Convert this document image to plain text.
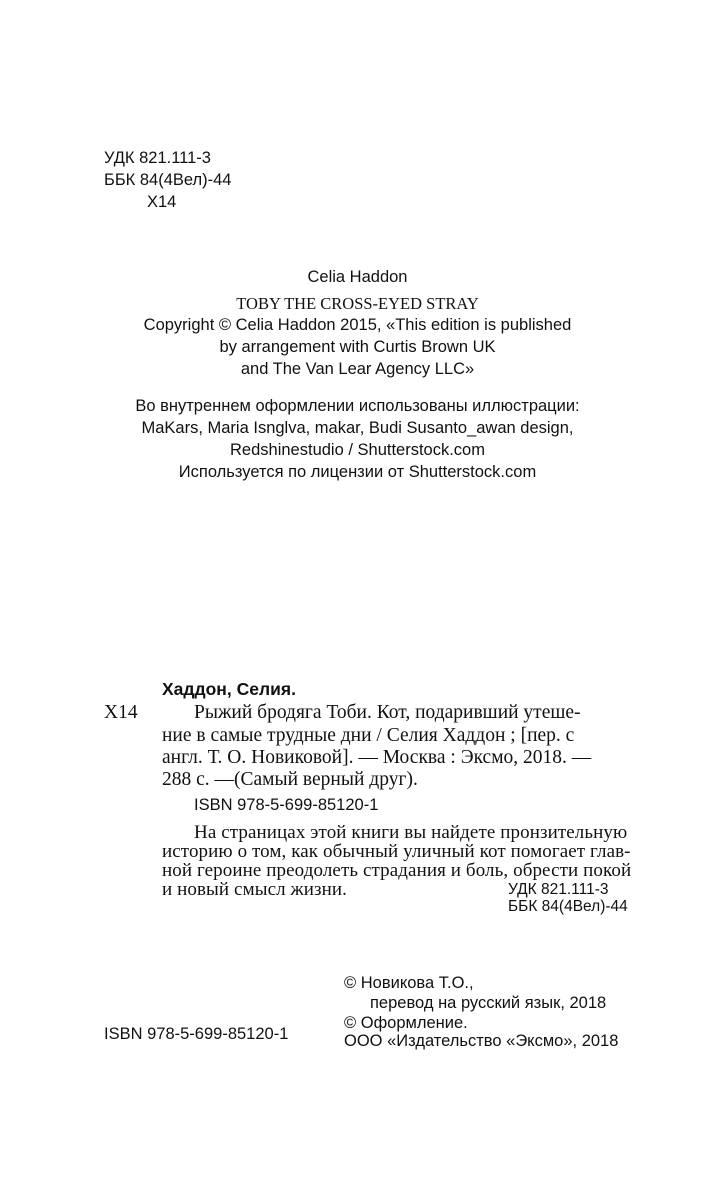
УДК 821.111-3
ББК 84(4Вел)-44
Х14
Celia Haddon
TOBY THE CROSS-EYED STRAY
Copyright © Celia Haddon 2015, «This edition is published
by arrangement with Curtis Brown UK
and The Van Lear Agency LLC»
Во внутреннем оформлении использованы иллюстрации:
MaKars, Maria Isnglva, makar, Budi Susanto_awan design,
Redshinestudio / Shutterstock.com
Используется по лицензии от Shutterstock.com
Хаддон, Селия.
Х14	Рыжий бродяга Тоби. Кот, подаривший утеше-
ние в самые трудные дни / Селия Хаддон ; [пер. с
англ. Т. О. Новиковой]. — Москва : Эксмо, 2018. —
288 с. —(Самый верный друг).
ISBN 978-5-699-85120-1
На страницах этой книги вы найдете пронзительную
историю о том, как обычный уличный кот помогает глав-
ной героине преодолеть страдания и боль, обрести покой
и новый смысл жизни.	УДК 821.111-3
ББК 84(4Вел)-44
© Новикова Т.О.,
перевод на русский язык, 2018
© Оформление.
ISBN 978-5-699-85120-1	ООО «Издательство «Эксмо», 2018
